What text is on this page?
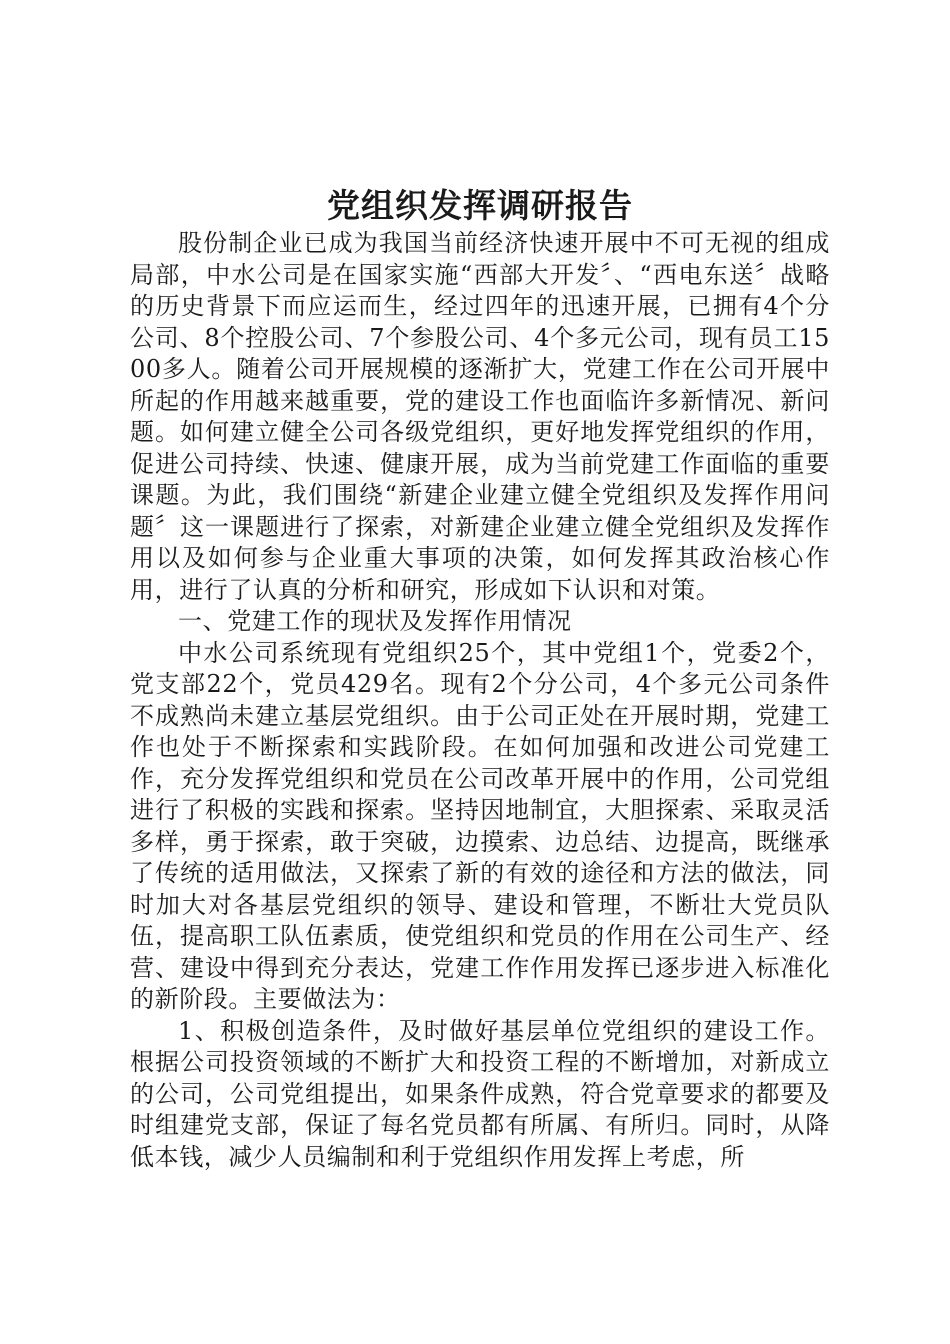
党组织发挥调研报告

股份制企业已成为我国当前经济快速开展中不可无视的组成局部，中水公司是在国家实施“西部大开发〞、“西电东送〞战略的历史背景下而应运而生，经过四年的迅速开展，已拥有4个分公司、8个控股公司、7个参股公司、4个多元公司，现有员工1500多人。随着公司开展规模的逐渐扩大，党建工作在公司开展中所起的作用越来越重要，党的建设工作也面临许多新情况、新问题。如何建立健全公司各级党组织，更好地发挥党组织的作用，促进公司持续、快速、健康开展，成为当前党建工作面临的重要课题。为此，我们围绕“新建企业建立健全党组织及发挥作用问题〞这一课题进行了探索，对新建企业建立健全党组织及发挥作用以及如何参与企业重大事项的决策，如何发挥其政治核心作用，进行了认真的分析和研究，形成如下认识和对策。

一、党建工作的现状及发挥作用情况

中水公司系统现有党组织25个，其中党组1个，党委2个，党支部22个，党员429名。现有2个分公司，4个多元公司条件不成熟尚未建立基层党组织。由于公司正处在开展时期，党建工作也处于不断探索和实践阶段。在如何加强和改进公司党建工作，充分发挥党组织和党员在公司改革开展中的作用，公司党组进行了积极的实践和探索。坚持因地制宜，大胆探索、采取灵活多样，勇于探索，敢于突破，边摸索、边总结、边提高，既继承了传统的适用做法，又探索了新的有效的途径和方法的做法，同时加大对各基层党组织的领导、建设和管理，不断壮大党员队伍，提高职工队伍素质，使党组织和党员的作用在公司生产、经营、建设中得到充分表达，党建工作作用发挥已逐步进入标准化的新阶段。主要做法为：

1、积极创造条件，及时做好基层单位党组织的建设工作。根据公司投资领域的不断扩大和投资工程的不断增加，对新成立的公司，公司党组提出，如果条件成熟，符合党章要求的都要及时组建党支部，保证了每名党员都有所属、有所归。同时，从降低本钱，减少人员编制和利于党组织作用发挥上考虑，所
